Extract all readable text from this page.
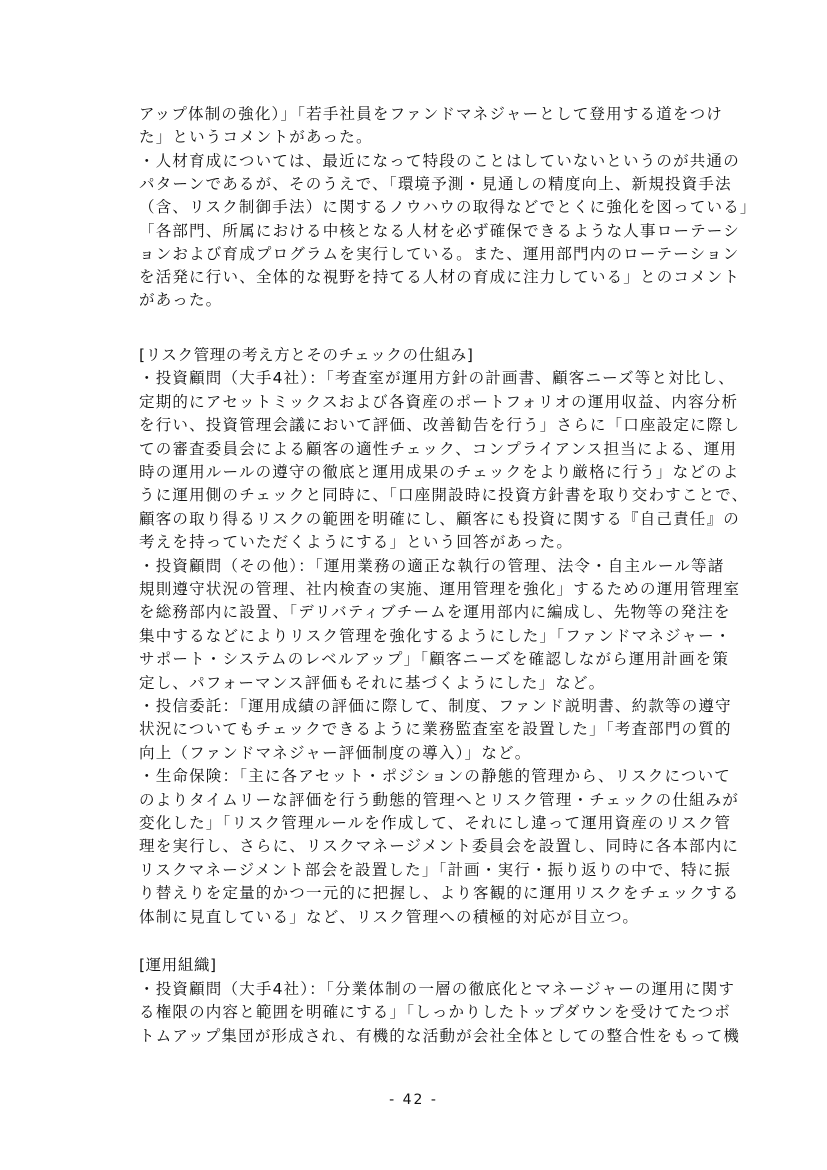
アップ体制の強化）」「若手社員をファンドマネジャーとして登用する道をつけ
た」というコメントがあった。
・人材育成については、最近になって特段のことはしていないというのが共通の
パターンであるが、そのうえで、「環境予測・見通しの精度向上、新規投資手法
（含、リスク制御手法）に関するノウハウの取得などでとくに強化を図っている」
「各部門、所属における中核となる人材を必ず確保できるような人事ローテーシ
ョンおよび育成プログラムを実行している。また、運用部門内のローテーション
を活発に行い、全体的な視野を持てる人材の育成に注力している」とのコメント
があった。
[リスク管理の考え方とそのチェックの仕組み]
・投資顧問（大手4社）：「考査室が運用方針の計画書、顧客ニーズ等と対比し、
定期的にアセットミックスおよび各資産のポートフォリオの運用収益、内容分析
を行い、投資管理会議において評価、改善勧告を行う」さらに「口座設定に際し
ての審査委員会による顧客の適性チェック、コンプライアンス担当による、運用
時の運用ルールの遵守の徹底と運用成果のチェックをより厳格に行う」などのよ
うに運用側のチェックと同時に、「口座開設時に投資方針書を取り交わすことで、
顧客の取り得るリスクの範囲を明確にし、顧客にも投資に関する『自己責任』の
考えを持っていただくようにする」という回答があった。
・投資顧問（その他）：「運用業務の適正な執行の管理、法令・自主ルール等諸
規則遵守状況の管理、社内検査の実施、運用管理を強化」するための運用管理室
を総務部内に設置、「デリバティブチームを運用部内に編成し、先物等の発注を
集中するなどによりリスク管理を強化するようにした」「ファンドマネジャー・
サポート・システムのレベルアップ」「顧客ニーズを確認しながら運用計画を策
定し、パフォーマンス評価もそれに基づくようにした」など。
・投信委託：「運用成績の評価に際して、制度、ファンド説明書、約款等の遵守
状況についてもチェックできるように業務監査室を設置した」「考査部門の質的
向上（ファンドマネジャー評価制度の導入）」など。
・生命保険：「主に各アセット・ポジションの静態的管理から、リスクについて
のよりタイムリーな評価を行う動態的管理へとリスク管理・チェックの仕組みが
変化した」「リスク管理ルールを作成して、それにし違って運用資産のリスク管
理を実行し、さらに、リスクマネージメント委員会を設置し、同時に各本部内に
リスクマネージメント部会を設置した」「計画・実行・振り返りの中で、特に振
り替えりを定量的かつ一元的に把握し、より客観的に運用リスクをチェックする
体制に見直している」など、リスク管理への積極的対応が目立つ。
[運用組織]
・投資顧問（大手4社）：「分業体制の一層の徹底化とマネージャーの運用に関す
る権限の内容と範囲を明確にする」「しっかりしたトップダウンを受けてたつボ
トムアップ集団が形成され、有機的な活動が会社全体としての整合性をもって機
- 42 -
